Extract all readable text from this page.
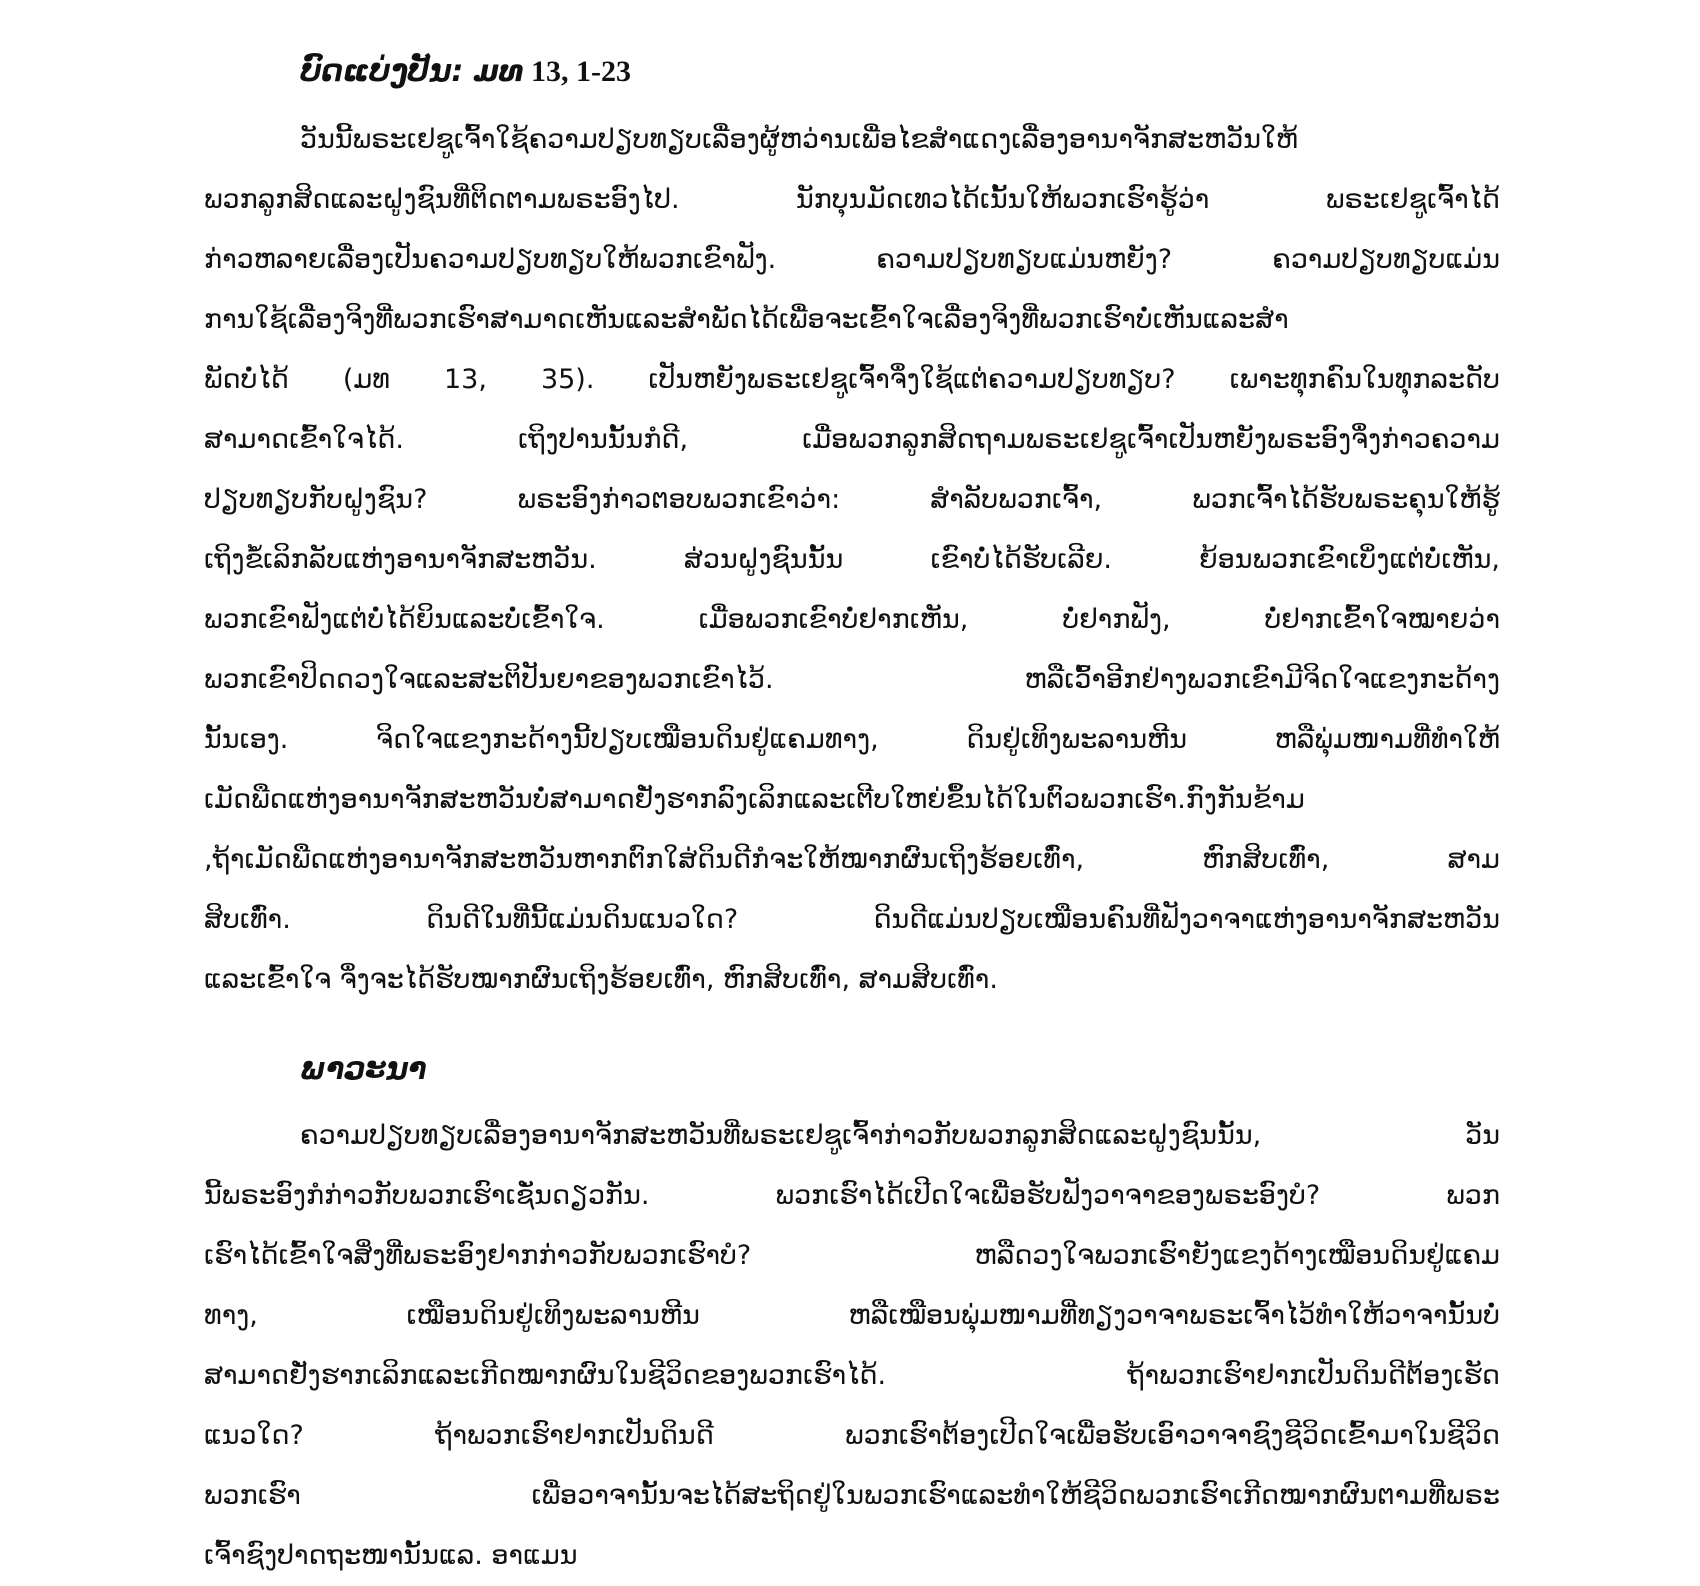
ບົດແບ່ງປັນ: ມທ 13, 1-23
ວັນນີ້ພຣະເຢຊູເຈົ້າໃຊ້ຄວາມປຽບທຽບເລື່ອງຜູ້ຫວ່ານເພື່ອໄຂສຳແດງເລື່ອງອານາຈັກສະຫວັນໃຫ້
ພວກລູກສິດແລະຝູງຊົນທີ່ຕິດຕາມພຣະອົງໄປ. ນັກບຸນມັດເທວໄດ້ເນັ້ນໃຫ້ພວກເຮົາຮູ້ວ່າ ພຣະເຢຊູເຈົ້າໄດ້
ກ່າວຫລາຍເລື່ອງເປັນຄວາມປຽບທຽບໃຫ້ພວກເຂົາຟັງ. ຄວາມປຽບທຽບແມ່ນຫຍັງ? ຄວາມປຽບທຽບແມ່ນ
ການໃຊ້ເລື່ອງຈິງທີ່ພວກເຮົາສາມາດເຫັນແລະສຳພັດໄດ້ເພື່ອຈະເຂົ້າໃຈເລື່ອງຈິງທີ່ພວກເຮົາບໍ່ເຫັນແລະສຳ
ພັດບໍ່ໄດ້ (ມທ 13, 35). ເປັນຫຍັງພຣະເຢຊູເຈົ້າຈຶ່ງໃຊ້ແຕ່ຄວາມປຽບທຽບ? ເພາະທຸກຄົນໃນທຸກລະດັບ
ສາມາດເຂົ້າໃຈໄດ້. ເຖິງປານນັ້ນກໍດີ, ເມື່ອພວກລູກສິດຖາມພຣະເຢຊູເຈົ້າເປັນຫຍັງພຣະອົງຈຶ່ງກ່າວຄວາມ
ປຽບທຽບກັບຝູງຊົນ? ພຣະອົງກ່າວຕອບພວກເຂົາວ່າ: ສຳລັບພວກເຈົ້າ, ພວກເຈົ້າໄດ້ຮັບພຣະຄຸນໃຫ້ຮູ້
ເຖິງຂໍ້ເລິກລັບແຫ່ງອານາຈັກສະຫວັນ. ສ່ວນຝູງຊົນນັ້ນ ເຂົາບໍ່ໄດ້ຮັບເລີຍ. ຍ້ອນພວກເຂົາເບິ່ງແຕ່ບໍ່ເຫັນ,
ພວກເຂົາຟັງແຕ່ບໍ່ໄດ້ຍິນແລະບໍ່ເຂົ້າໃຈ. ເມື່ອພວກເຂົາບໍ່ຢາກເຫັນ, ບໍ່ຢາກຟັງ, ບໍ່ຢາກເຂົ້າໃຈໝາຍວ່າ
ພວກເຂົາປິດດວງໃຈແລະສະຕິປັນຍາຂອງພວກເຂົາໄວ້. ຫລືເວົ້າອີກຢ່າງພວກເຂົາມີຈິດໃຈແຂງກະດ້າງ
ນັ້ນເອງ. ຈິດໃຈແຂງກະດ້າງນີ້ປຽບເໝືອນດິນຢູ່ແຄມທາງ, ດິນຢູ່ເທິງພະລານຫີນ ຫລືພຸ່ມໜາມທີ່ທຳໃຫ້
ເມັດພືດແຫ່ງອານາຈັກສະຫວັນບໍ່ສາມາດຢັ່ງຮາກລົງເລິກແລະເຕີບໃຫຍ່ຂຶ້ນໄດ້ໃນຕົວພວກເຮົາ.ກົງກັນຂ້າມ
,ຖ້າເມັດພືດແຫ່ງອານາຈັກສະຫວັນຫາກຕົກໃສ່ດິນດີກໍຈະໃຫ້ໝາກຜົນເຖິງຮ້ອຍເທົ່າ, ຫົກສິບເທົ່າ, ສາມ
ສິບເທົ່າ. ດິນດີໃນທີ່ນີ້ແມ່ນດິນແນວໃດ? ດິນດີແມ່ນປຽບເໝືອນຄົນທີ່ຟັງວາຈາແຫ່ງອານາຈັກສະຫວັນ
ແລະເຂົ້າໃຈ ຈຶ່ງຈະໄດ້ຮັບໝາກຜົນເຖິງຮ້ອຍເທົ່າ, ຫົກສິບເທົ່າ, ສາມສິບເທົ່າ.
ພາວະນາ
ຄວາມປຽບທຽບເລື່ອງອານາຈັກສະຫວັນທີ່ພຣະເຢຊູເຈົ້າກ່າວກັບພວກລູກສິດແລະຝູງຊົນນັ້ນ, ວັນ
ນີ້ພຣະອົງກໍກ່າວກັບພວກເຮົາເຊັ່ນດຽວກັນ. ພວກເຮົາໄດ້ເປີດໃຈເພື່ອຮັບຟັງວາຈາຂອງພຣະອົງບໍ? ພວກ
ເຮົາໄດ້ເຂົ້າໃຈສິ່ງທີ່ພຣະອົງຢາກກ່າວກັບພວກເຮົາບໍ? ຫລືດວງໃຈພວກເຮົາຍັງແຂງດ້າງເໝືອນດິນຢູ່ແຄມ
ທາງ, ເໝືອນດິນຢູ່ເທິງພະລານຫີນ ຫລືເໝືອນພຸ່ມໜາມທີ່ທຽງວາຈາພຣະເຈົ້າໄວ້ທຳໃຫ້ວາຈານັ້ນບໍ່
ສາມາດຢັ່ງຮາກເລິກແລະເກີດໝາກຜົນໃນຊີວິດຂອງພວກເຮົາໄດ້. ຖ້າພວກເຮົາຢາກເປັນດິນດີຕ້ອງເຮັດ
ແນວໃດ? ຖ້າພວກເຮົາຢາກເປັນດິນດີ ພວກເຮົາຕ້ອງເປີດໃຈເພື່ອຮັບເອົາວາຈາຊົງຊີວິດເຂົ້າມາໃນຊີວິດ
ພວກເຮົາ ເພື່ອວາຈານັ້ນຈະໄດ້ສະຖິດຢູ່ໃນພວກເຮົາແລະທຳໃຫ້ຊີວິດພວກເຮົາເກີດໝາກຜົນຕາມທີ່ພຣະ
ເຈົ້າຊົງປາດຖະໜານັ້ນແລ. ອາແມນ
